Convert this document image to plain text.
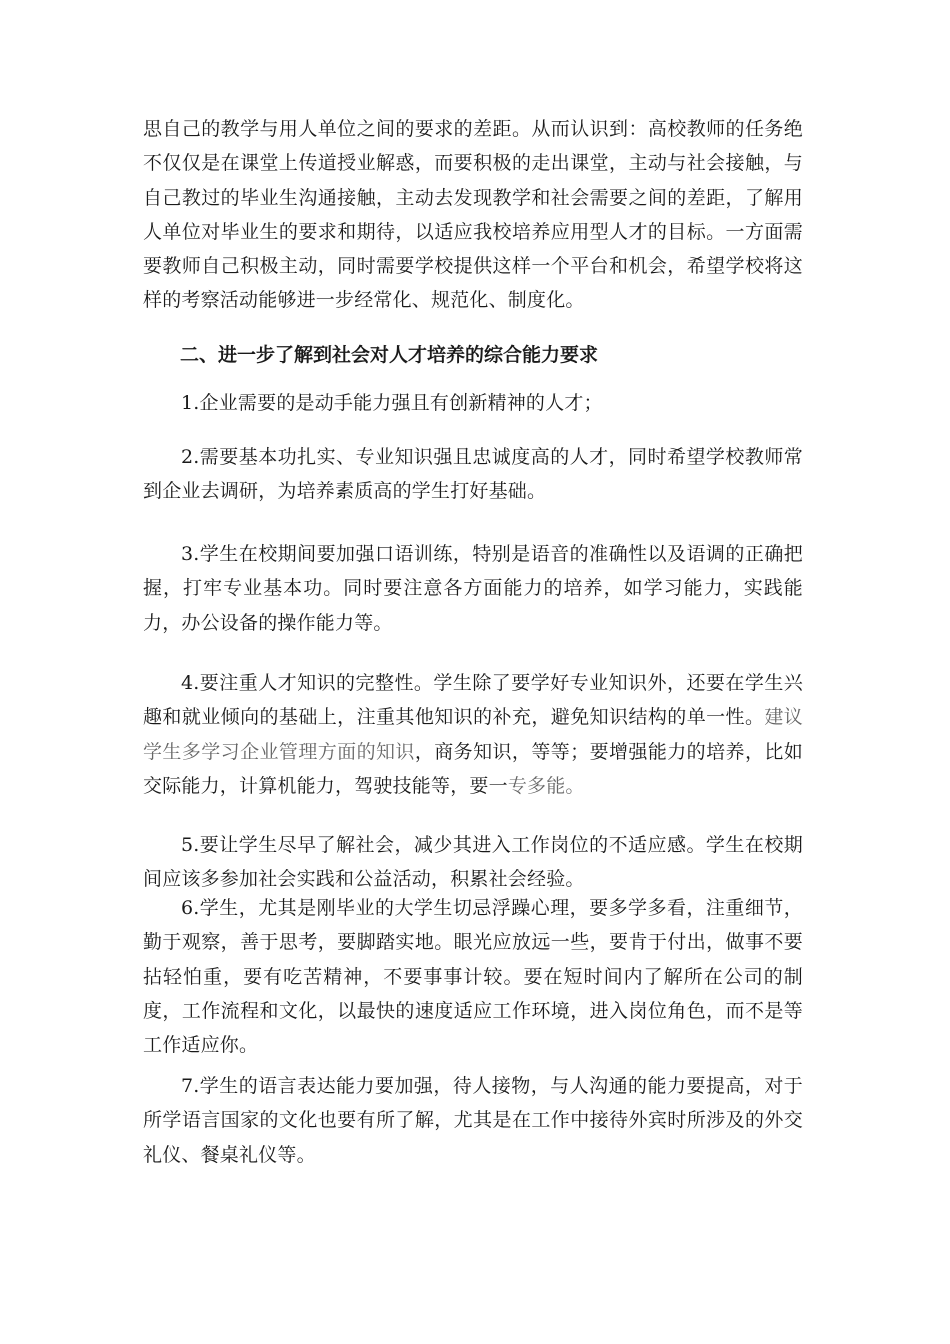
思自己的教学与用人单位之间的要求的差距。从而认识到：高校教师的任务绝不仅仅是在课堂上传道授业解惑，而要积极的走出课堂，主动与社会接触，与自己教过的毕业生沟通接触，主动去发现教学和社会需要之间的差距，了解用人单位对毕业生的要求和期待，以适应我校培养应用型人才的目标。一方面需要教师自己积极主动，同时需要学校提供这样一个平台和机会，希望学校将这样的考察活动能够进一步经常化、规范化、制度化。

二、进一步了解到社会对人才培养的综合能力要求

1.企业需要的是动手能力强且有创新精神的人才；

2.需要基本功扎实、专业知识强且忠诚度高的人才，同时希望学校教师常到企业去调研，为培养素质高的学生打好基础。

3.学生在校期间要加强口语训练，特别是语音的准确性以及语调的正确把握，打牢专业基本功。同时要注意各方面能力的培养，如学习能力，实践能力，办公设备的操作能力等。

4.要注重人才知识的完整性。学生除了要学好专业知识外，还要在学生兴趣和就业倾向的基础上，注重其他知识的补充，避免知识结构的单一性。建议学生多学习企业管理方面的知识，商务知识，等等；要增强能力的培养，比如交际能力，计算机能力，驾驶技能等，要一专多能。

5.要让学生尽早了解社会，减少其进入工作岗位的不适应感。学生在校期间应该多参加社会实践和公益活动，积累社会经验。

6.学生，尤其是刚毕业的大学生切忌浮躁心理，要多学多看，注重细节，勤于观察，善于思考，要脚踏实地。眼光应放远一些，要肯于付出，做事不要拈轻怕重，要有吃苦精神，不要事事计较。要在短时间内了解所在公司的制度，工作流程和文化，以最快的速度适应工作环境，进入岗位角色，而不是等工作适应你。

7.学生的语言表达能力要加强，待人接物，与人沟通的能力要提高，对于所学语言国家的文化也要有所了解，尤其是在工作中接待外宾时所涉及的外交礼仪、餐桌礼仪等。
